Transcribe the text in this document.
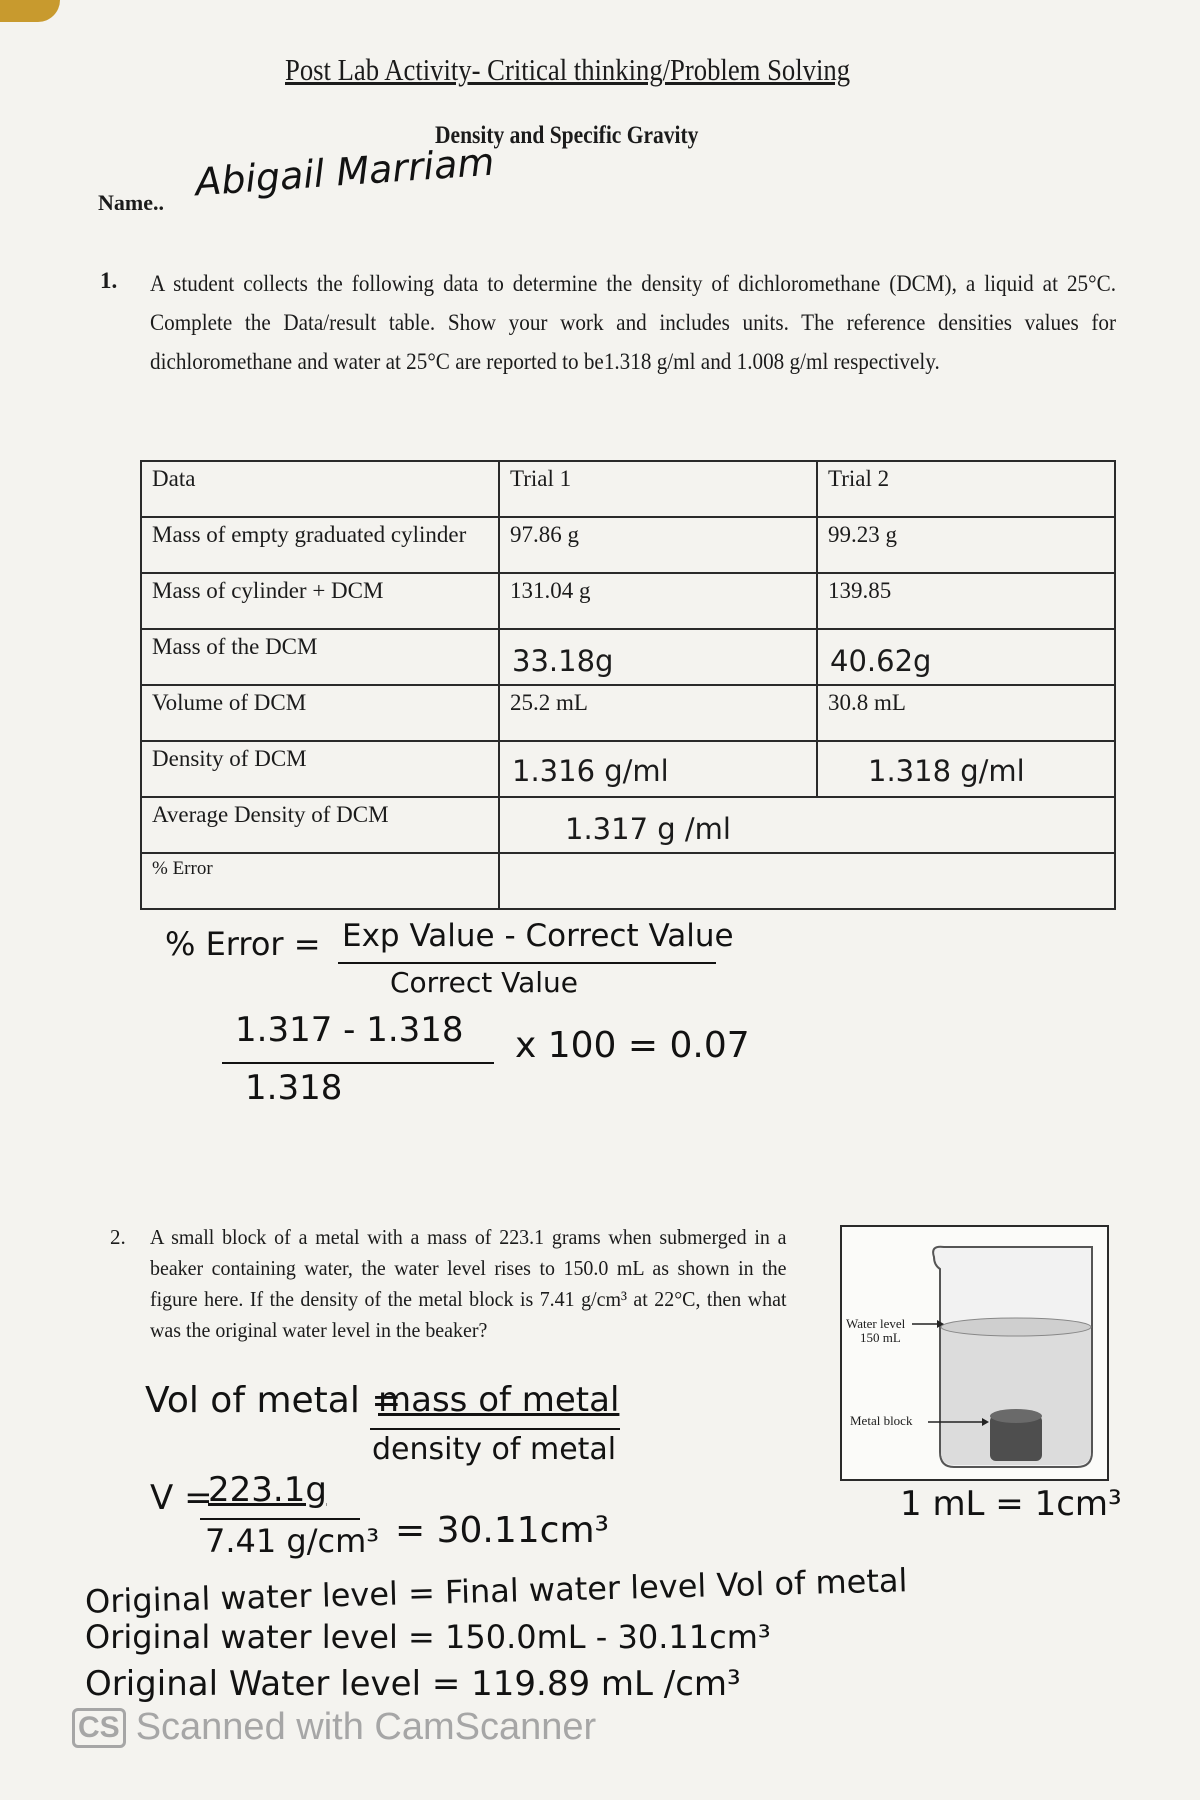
Post Lab Activity- Critical thinking/Problem Solving
Density and Specific Gravity
Name.. Abigail Marriam
1. A student collects the following data to determine the density of dichloromethane (DCM), a liquid at 25°C. Complete the Data/result table. Show your work and includes units. The reference densities values for dichloromethane and water at 25°C are reported to be1.318 g/ml and 1.008 g/ml respectively.
Data	Trial 1	Trial 2
Mass of empty graduated cylinder	97.86 g	99.23 g
Mass of cylinder + DCM	131.04 g	139.85
Mass of the DCM	33.18g	40.62g

Volume of DCM	25.2 mL	30.8 mL
Density of DCM	1.316 g/ml	1.318 g/ml

Average Density of DCM	1.317 g /ml	

% Error		
% Error = Exp Value - Correct Value
Correct Value
1.317 - 1.318
1.318
x 100 = 0.07
2. A small block of a metal with a mass of 223.1 grams when submerged in a beaker containing water, the water level rises to 150.0 mL as shown in the figure here. If the density of the metal block is 7.41 g/cm³ at 22°C, then what was the original water level in the beaker?	Water level
150 mL
Metal block
Vol of metal =
mass of metal
density of metal
V =
223.1g
7.41 g/cm³ = 30.11cm³
1 mL = 1cm³
Original water level = Final water level Vol of metal
Original water level = 150.0mL - 30.11cm³
Original Water level = 119.89 mL /cm³
CS Scanned with CamScanner
